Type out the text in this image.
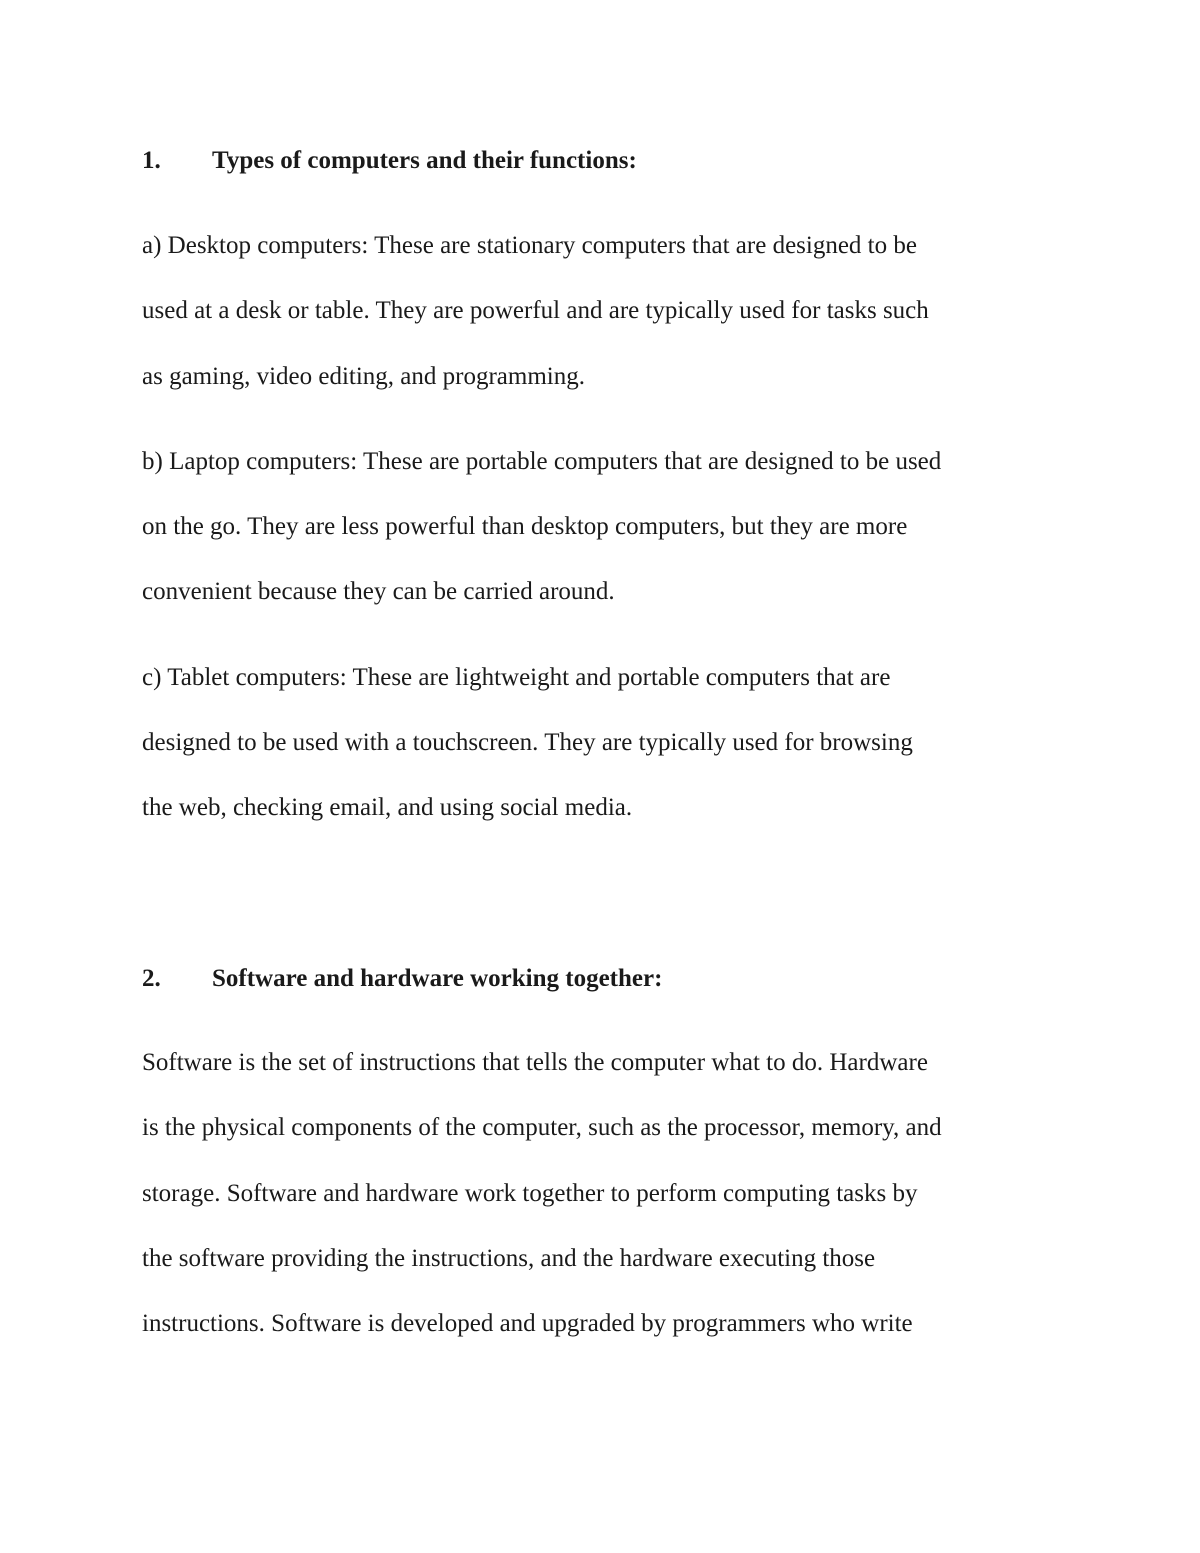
1. Types of computers and their functions:
a) Desktop computers: These are stationary computers that are designed to be
used at a desk or table. They are powerful and are typically used for tasks such
as gaming, video editing, and programming.
b) Laptop computers: These are portable computers that are designed to be used
on the go. They are less powerful than desktop computers, but they are more
convenient because they can be carried around.
c) Tablet computers: These are lightweight and portable computers that are
designed to be used with a touchscreen. They are typically used for browsing
the web, checking email, and using social media.
2. Software and hardware working together:
Software is the set of instructions that tells the computer what to do. Hardware
is the physical components of the computer, such as the processor, memory, and
storage. Software and hardware work together to perform computing tasks by
the software providing the instructions, and the hardware executing those
instructions. Software is developed and upgraded by programmers who write
